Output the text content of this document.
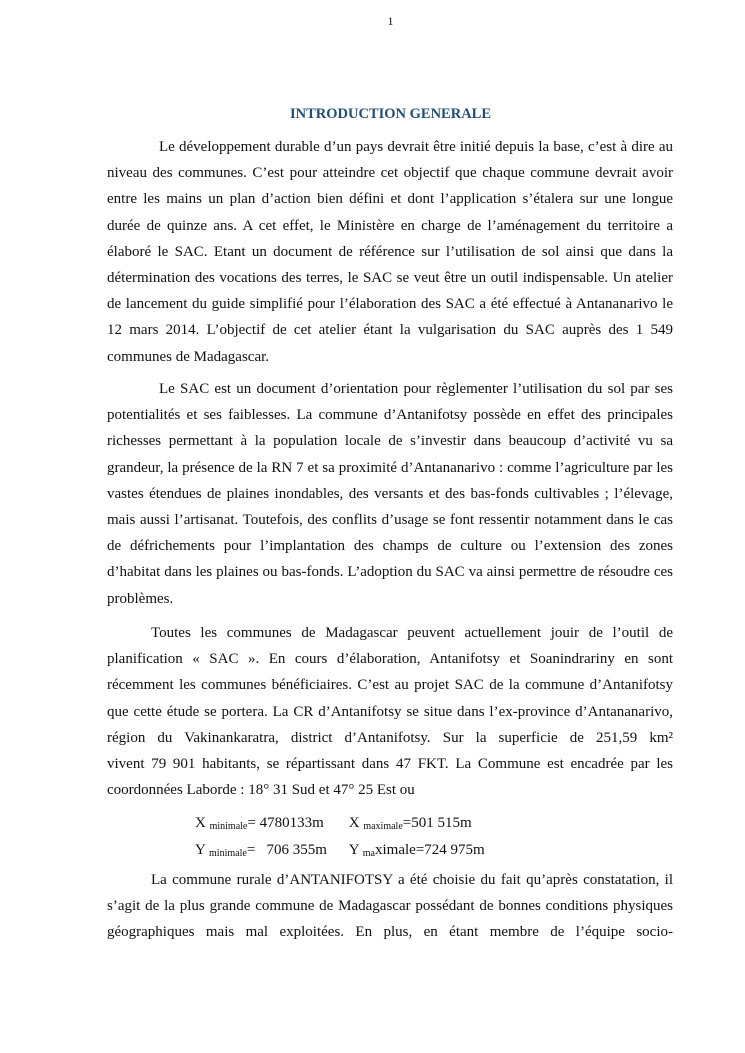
1
INTRODUCTION GENERALE
Le développement durable d’un pays devrait être initié depuis la base, c’est à dire au
niveau des communes. C’est pour atteindre cet objectif que chaque commune devrait avoir
entre les mains un plan d’action bien défini et dont l’application s’étalera sur une longue
durée de quinze ans. A cet effet, le Ministère en charge de l’aménagement du territoire a
élaboré le SAC. Etant un document de référence sur l’utilisation de sol ainsi que dans la
détermination des vocations des terres, le SAC se veut être un outil indispensable. Un atelier
de lancement du guide simplifié pour l’élaboration des SAC a été effectué à Antananarivo le
12 mars 2014. L’objectif de cet atelier étant la vulgarisation du SAC auprès des 1 549
communes de Madagascar.
Le SAC est un document d’orientation pour règlementer l’utilisation du sol par ses
potentialités et ses faiblesses. La commune d’Antanifotsy possède en effet des principales
richesses permettant à la population locale de s’investir dans beaucoup d’activité vu sa
grandeur, la présence de la RN 7 et sa proximité d’Antananarivo : comme l’agriculture par les
vastes étendues de plaines inondables, des versants et des bas-fonds cultivables ; l’élevage,
mais aussi l’artisanat. Toutefois, des conflits d’usage se font ressentir notamment dans le cas
de défrichements pour l’implantation des champs de culture ou l’extension des zones
d’habitat dans les plaines ou bas-fonds. L’adoption du SAC va ainsi permettre de résoudre ces
problèmes.
Toutes les communes de Madagascar peuvent actuellement jouir de l’outil de
planification « SAC ». En cours d’élaboration, Antanifotsy et Soanindrariny en sont
récemment les communes bénéficiaires. C’est au projet SAC de la commune d’Antanifotsy
que cette étude se portera. La CR d’Antanifotsy se situe dans l’ex-province d’Antananarivo,
région du Vakinankaratra, district d’Antanifotsy. Sur la superficie de 251,59 km²
vivent 79 901 habitants, se répartissant dans 47 FKT. La Commune est encadrée par les
coordonnées Laborde : 18° 31 Sud et 47° 25 Est ou
X $_{minimale}$= 4780133m X $_{maximale}$=501 515m
Y $_{minimale}$=   706 355m Y $_{ma}$ximale=724 975m
La commune rurale d’ANTANIFOTSY a été choisie du fait qu’après constatation, il
s’agit de la plus grande commune de Madagascar possédant de bonnes conditions physiques
géographiques mais mal exploitées. En plus, en étant membre de l’équipe socio-
